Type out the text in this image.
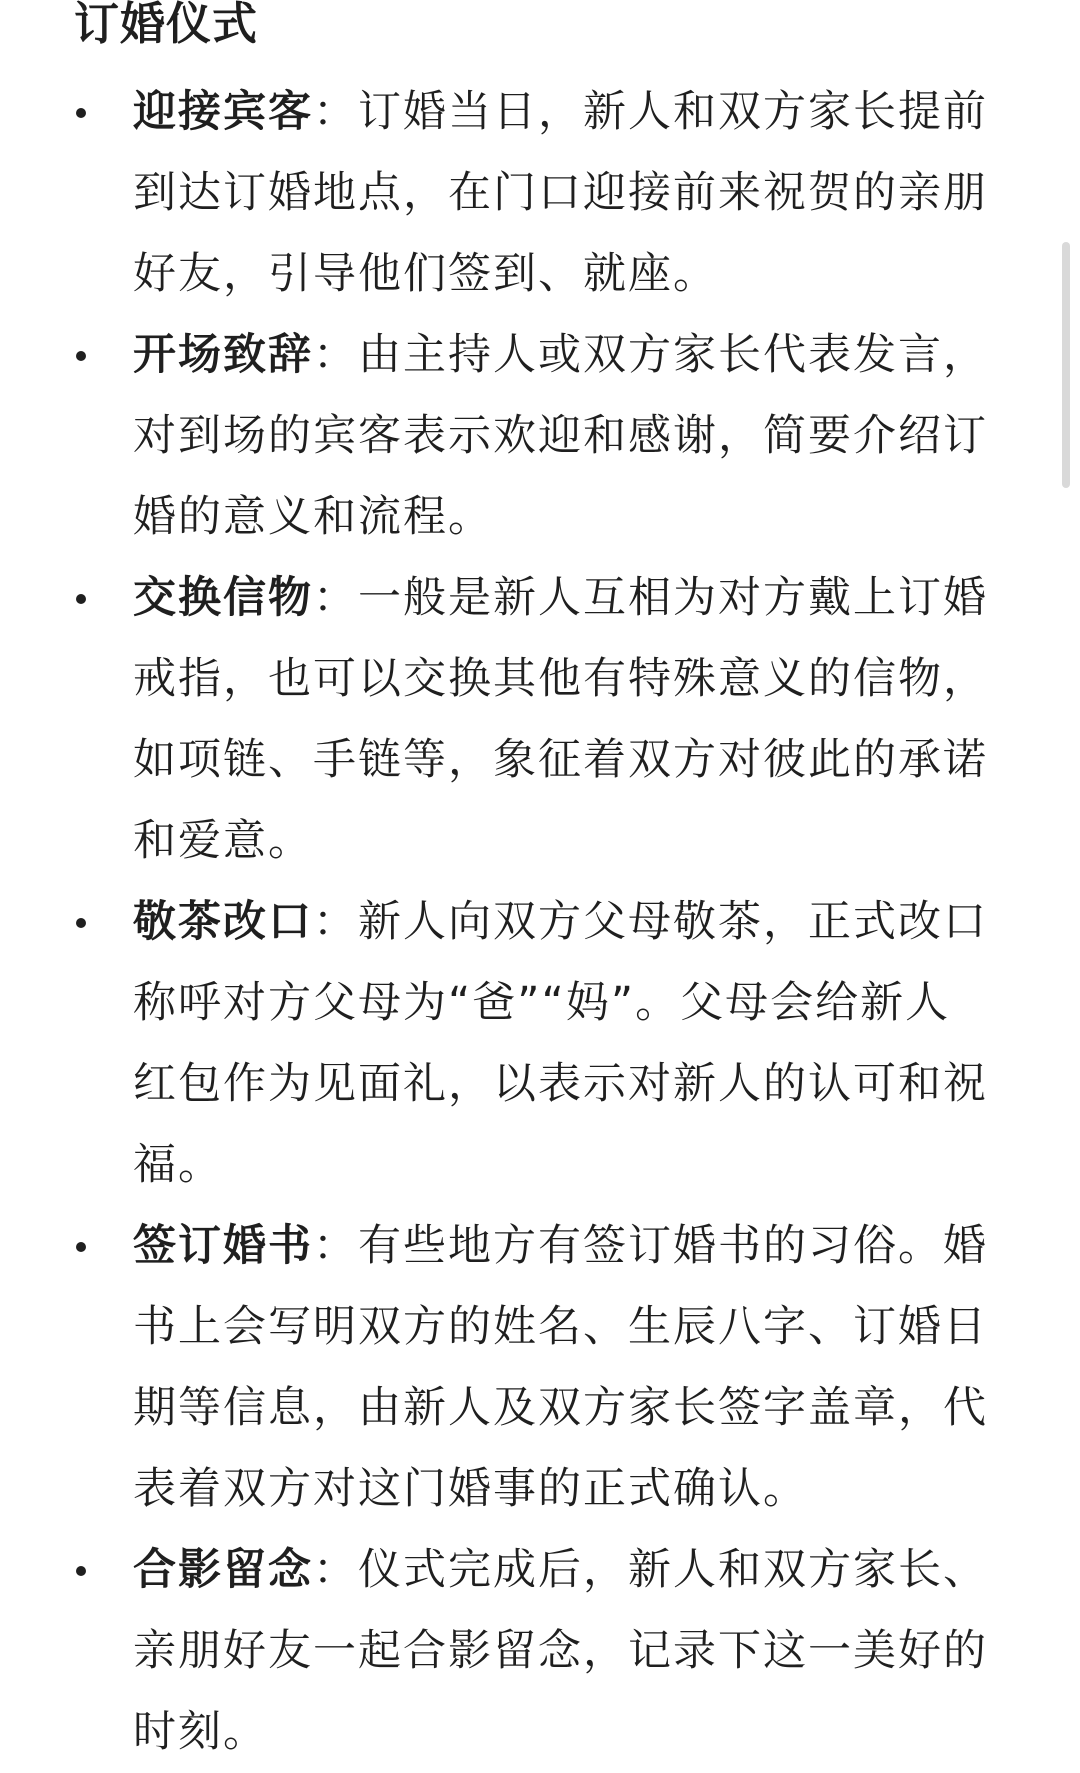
订婚仪式
迎接宾客：订婚当日，新人和双方家长提前到达订婚地点，在门口迎接前来祝贺的亲朋好友，引导他们签到、就座。
开场致辞：由主持人或双方家长代表发言，对到场的宾客表示欢迎和感谢，简要介绍订婚的意义和流程。
交换信物：一般是新人互相为对方戴上订婚戒指，也可以交换其他有特殊意义的信物，如项链、手链等，象征着双方对彼此的承诺和爱意。
敬茶改口：新人向双方父母敬茶，正式改口称呼对方父母为“爸”“妈”。父母会给新人红包作为见面礼，以表示对新人的认可和祝福。
签订婚书：有些地方有签订婚书的习俗。婚书上会写明双方的姓名、生辰八字、订婚日期等信息，由新人及双方家长签字盖章，代表着双方对这门婚事的正式确认。
合影留念：仪式完成后，新人和双方家长、亲朋好友一起合影留念，记录下这一美好的时刻。
